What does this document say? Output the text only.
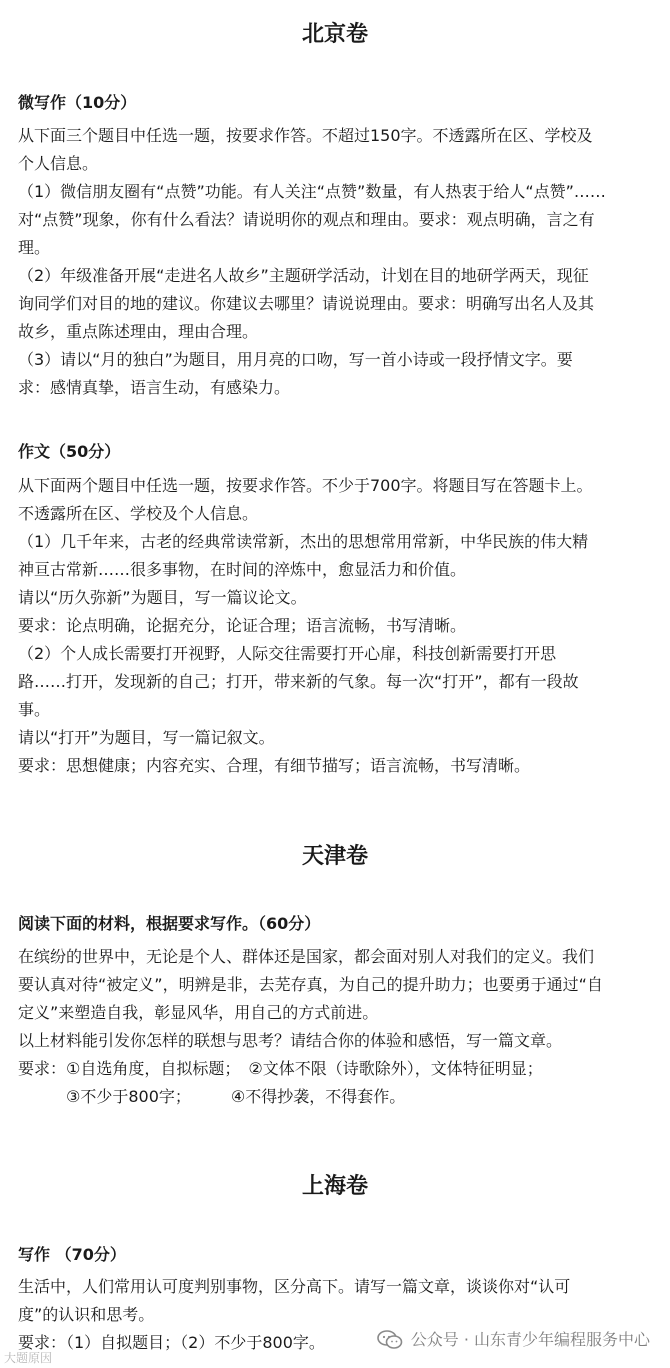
北京卷
微写作（10分）

从下面三个题目中任选一题，按要求作答。不超过150字。不透露所在区、学校及

个人信息。

（1）微信朋友圈有“点赞”功能。有人关注“点赞”数量，有人热衷于给人“点赞”……

对“点赞”现象，你有什么看法？请说明你的观点和理由。要求：观点明确，言之有

理。

（2）年级准备开展“走进名人故乡”主题研学活动，计划在目的地研学两天，现征

询同学们对目的地的建议。你建议去哪里？请说说理由。要求：明确写出名人及其

故乡，重点陈述理由，理由合理。

（3）请以“月的独白”为题目，用月亮的口吻，写一首小诗或一段抒情文字。要

求：感情真挚，语言生动，有感染力。

作文（50分）

从下面两个题目中任选一题，按要求作答。不少于700字。将题目写在答题卡上。

不透露所在区、学校及个人信息。

（1）几千年来，古老的经典常读常新，杰出的思想常用常新，中华民族的伟大精

神亘古常新……很多事物，在时间的淬炼中，愈显活力和价值。

请以“历久弥新”为题目，写一篇议论文。

要求：论点明确，论据充分，论证合理；语言流畅，书写清晰。

（2）个人成长需要打开视野，人际交往需要打开心扉，科技创新需要打开思

路……打开，发现新的自己；打开，带来新的气象。每一次“打开”，都有一段故

事。

请以“打开”为题目，写一篇记叙文。

要求：思想健康；内容充实、合理，有细节描写；语言流畅，书写清晰。

天津卷
阅读下面的材料，根据要求写作。（60分）

在缤纷的世界中，无论是个人、群体还是国家，都会面对别人对我们的定义。我们

要认真对待“被定义”，明辨是非，去芜存真，为自己的提升助力；也要勇于通过“自

定义”来塑造自我，彰显风华，用自己的方式前进。

以上材料能引发你怎样的联想与思考？请结合你的体验和感悟，写一篇文章。

要求：①自选角度，自拟标题；　②文体不限（诗歌除外），文体特征明显；

　　　③不少于800字；　　　④不得抄袭，不得套作。

上海卷
写作 （70分）

生活中，人们常用认可度判别事物，区分高下。请写一篇文章，谈谈你对“认可

度”的认识和思考。

要求：（1）自拟题目；（2）不少于800字。	公众号 · 山东青少年编程服务中心
大题原因
